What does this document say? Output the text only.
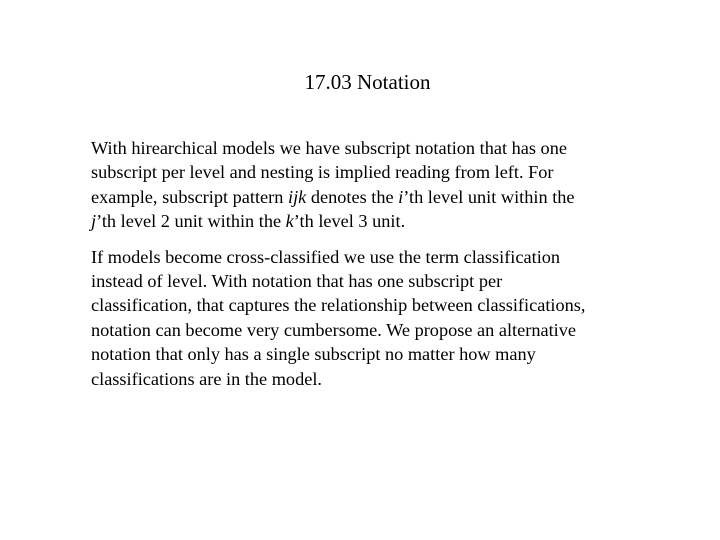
17.03 Notation

With hirearchical models we have subscript notation that has one
subscript per level and nesting is implied reading from left. For
example, subscript pattern ijk denotes the i’th level unit within the
j’th level 2 unit within the k’th level 3 unit.

If models become cross-classified we use the term classification
instead of level. With notation that has one subscript per
classification, that captures the relationship between classifications,
notation can become very cumbersome. We propose an alternative
notation that only has a single subscript no matter how many
classifications are in the model.
